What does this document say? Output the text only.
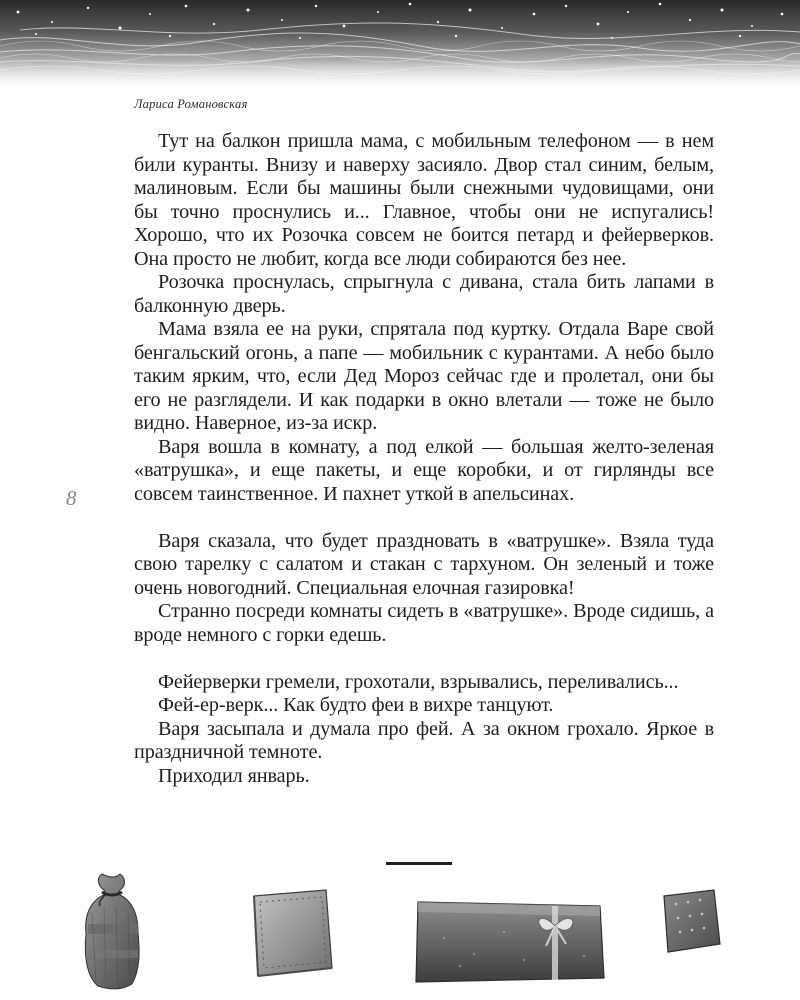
Лариса Романовская
8

Тут на балкон пришла мама, с мобильным телефоном — в нем били куранты. Внизу и наверху засияло. Двор стал синим, белым, малиновым. Если бы машины были снежными чудовищами, они бы точно проснулись и... Главное, чтобы они не испугались! Хорошо, что их Розочка совсем не боится петард и фейерверков. Она просто не любит, когда все люди собираются без нее.

Розочка проснулась, спрыгнула с дивана, стала бить лапами в балконную дверь.

Мама взяла ее на руки, спрятала под куртку. Отдала Варе свой бенгальский огонь, а папе — мобильник с курантами. А небо было таким ярким, что, если Дед Мороз сейчас где и пролетал, они бы его не разглядели. И как подарки в окно влетали — тоже не было видно. Наверное, из-за искр.

Варя вошла в комнату, а под елкой — большая желто-зеленая «ватрушка», и еще пакеты, и еще коробки, и от гирлянды все совсем таинственное. И пахнет уткой в апельсинах.

Варя сказала, что будет праздновать в «ватрушке». Взяла туда свою тарелку с салатом и стакан с тархуном. Он зеленый и тоже очень новогодний. Специальная елочная газировка!

Странно посреди комнаты сидеть в «ватрушке». Вроде сидишь, а вроде немного с горки едешь.

Фейерверки гремели, грохотали, взрывались, переливались...

Фей-ер-верк... Как будто феи в вихре танцуют.

Варя засыпала и думала про фей. А за окном грохало. Яркое в праздничной темноте.

Приходил январь.
